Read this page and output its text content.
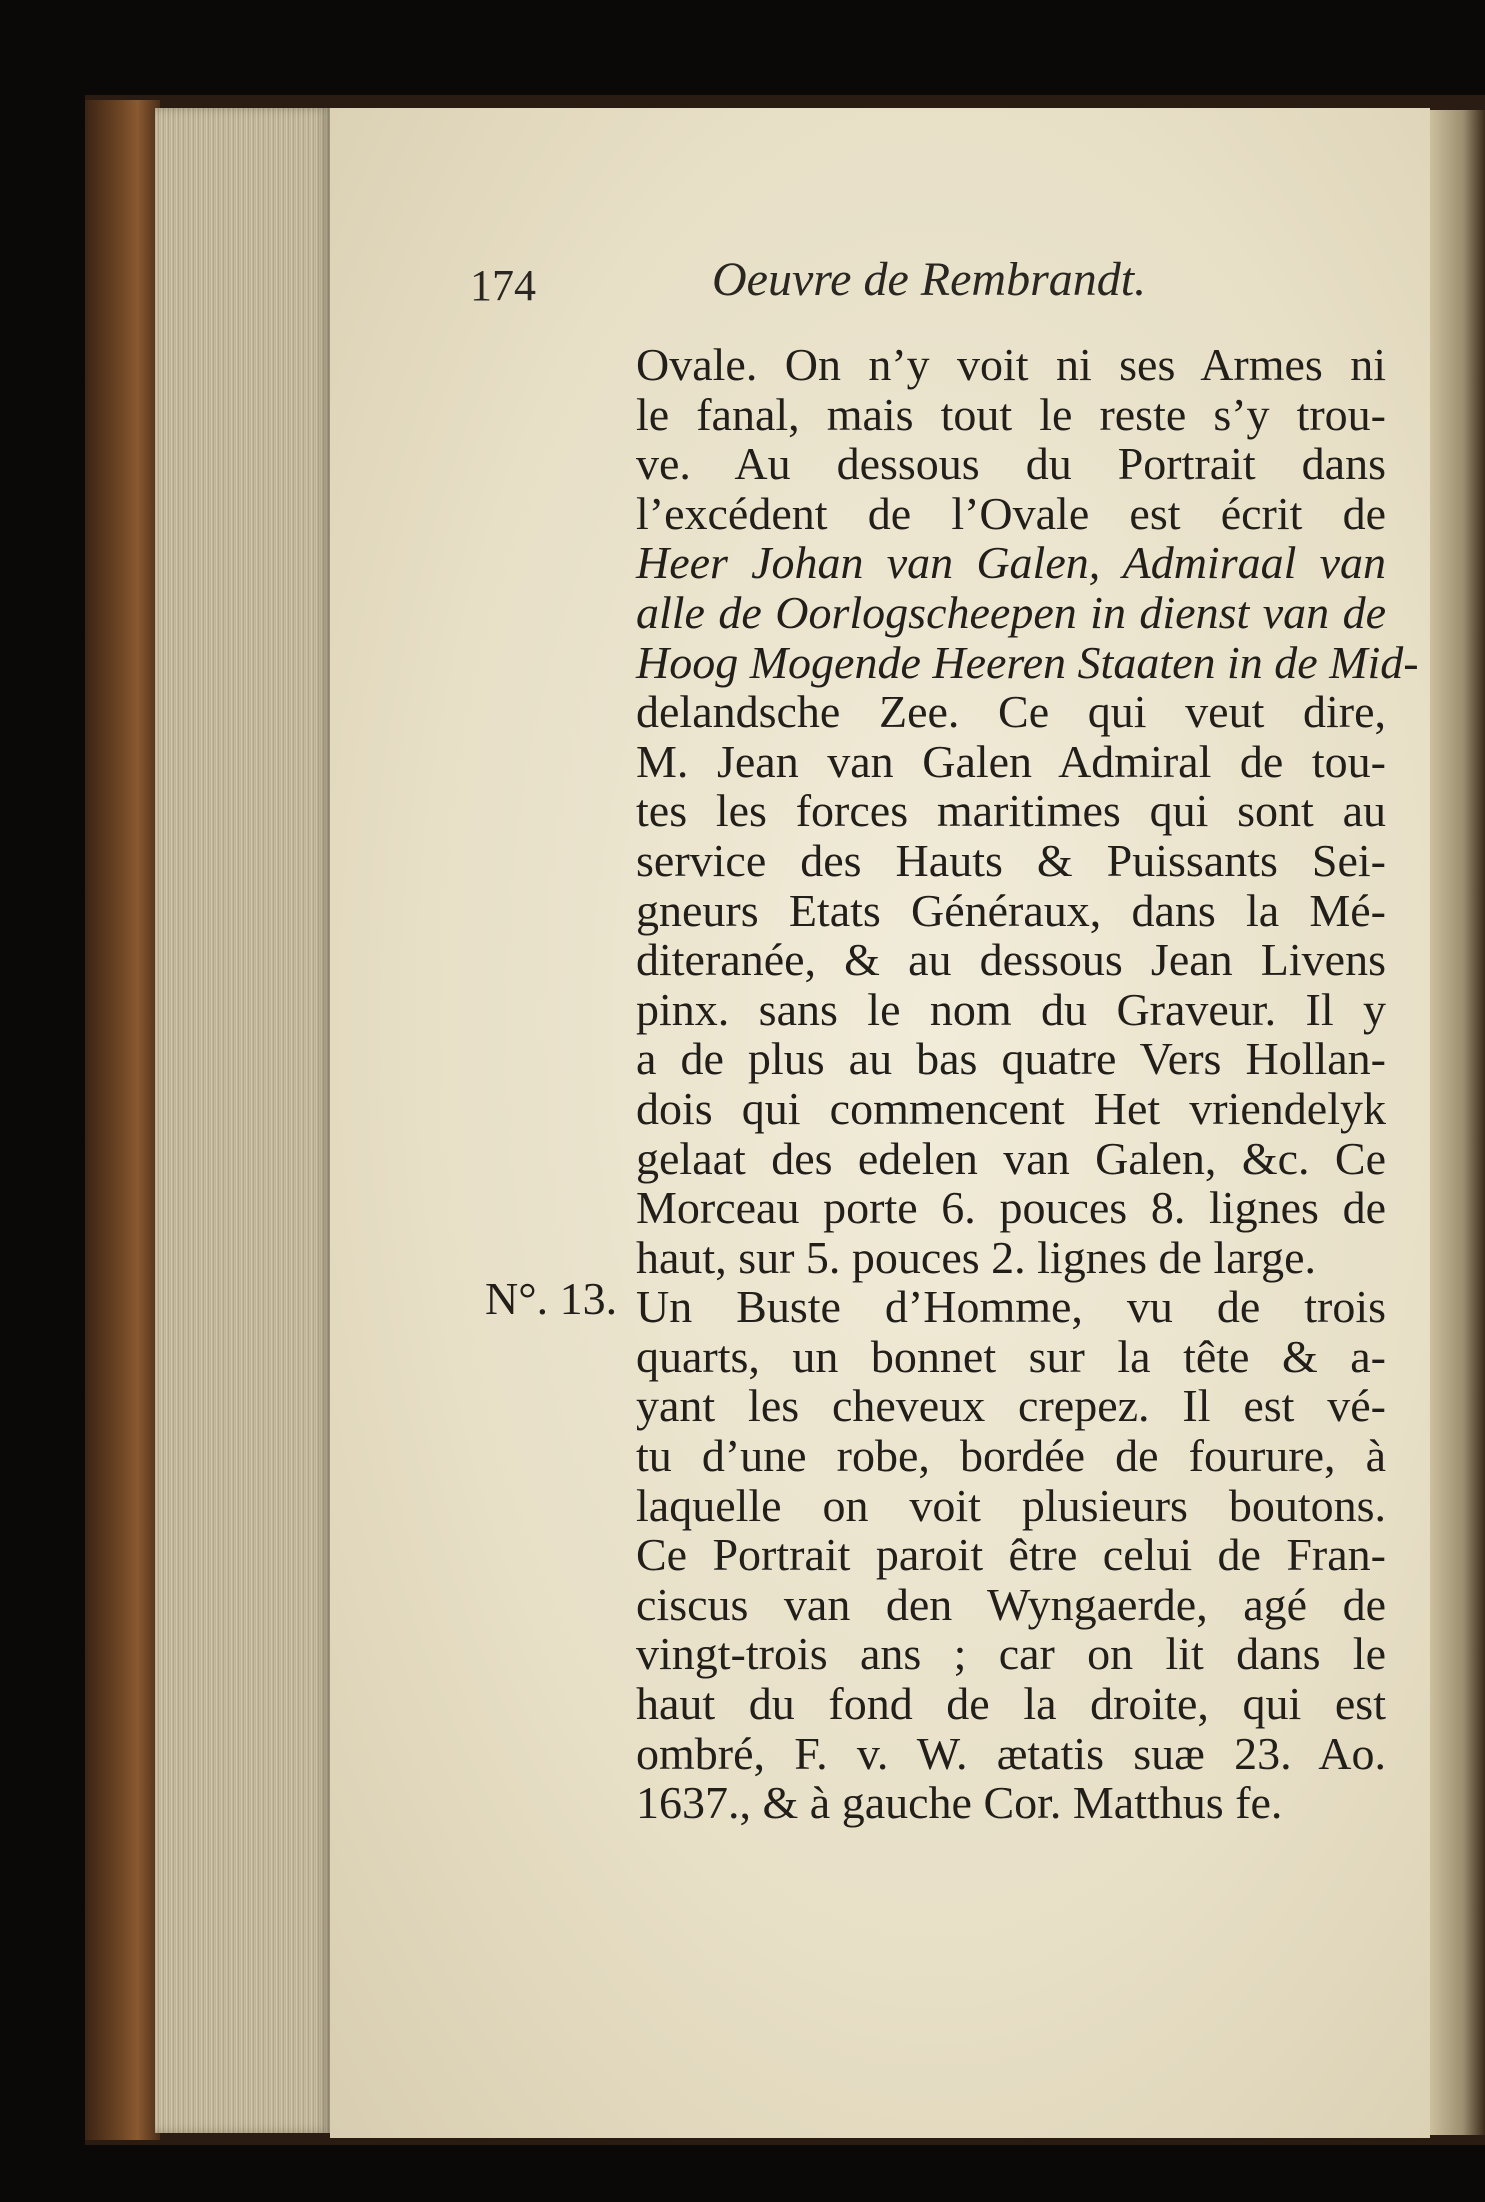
174	Oeuvre de Rembrandt.
N°. 13.
Ovale. On n’y voit ni ses Armes ni
le fanal, mais tout le reste s’y trou-
ve. Au dessous du Portrait dans
l’excédent de l’Ovale est écrit de
Heer Johan van Galen, Admiraal van
alle de Oorlogscheepen in dienst van de
Hoog Mogende Heeren Staaten in de Mid-
delandsche Zee. Ce qui veut dire,
M. Jean van Galen Admiral de tou-
tes les forces maritimes qui sont au
service des Hauts & Puissants Sei-
gneurs Etats Généraux, dans la Mé-
diteranée, & au dessous Jean Livens
pinx. sans le nom du Graveur. Il y
a de plus au bas quatre Vers Hollan-
dois qui commencent Het vriendelyk
gelaat des edelen van Galen, &c. Ce
Morceau porte 6. pouces 8. lignes de
haut, sur 5. pouces 2. lignes de large.
Un Buste d’Homme, vu de trois
quarts, un bonnet sur la tête & a-
yant les cheveux crepez. Il est vé-
tu d’une robe, bordée de fourure, à
laquelle on voit plusieurs boutons.
Ce Portrait paroit être celui de Fran-
ciscus van den Wyngaerde, agé de
vingt-trois ans ; car on lit dans le
haut du fond de la droite, qui est
ombré, F. v. W. ætatis suæ 23. Ao.
1637., & à gauche Cor. Matthus fe.
